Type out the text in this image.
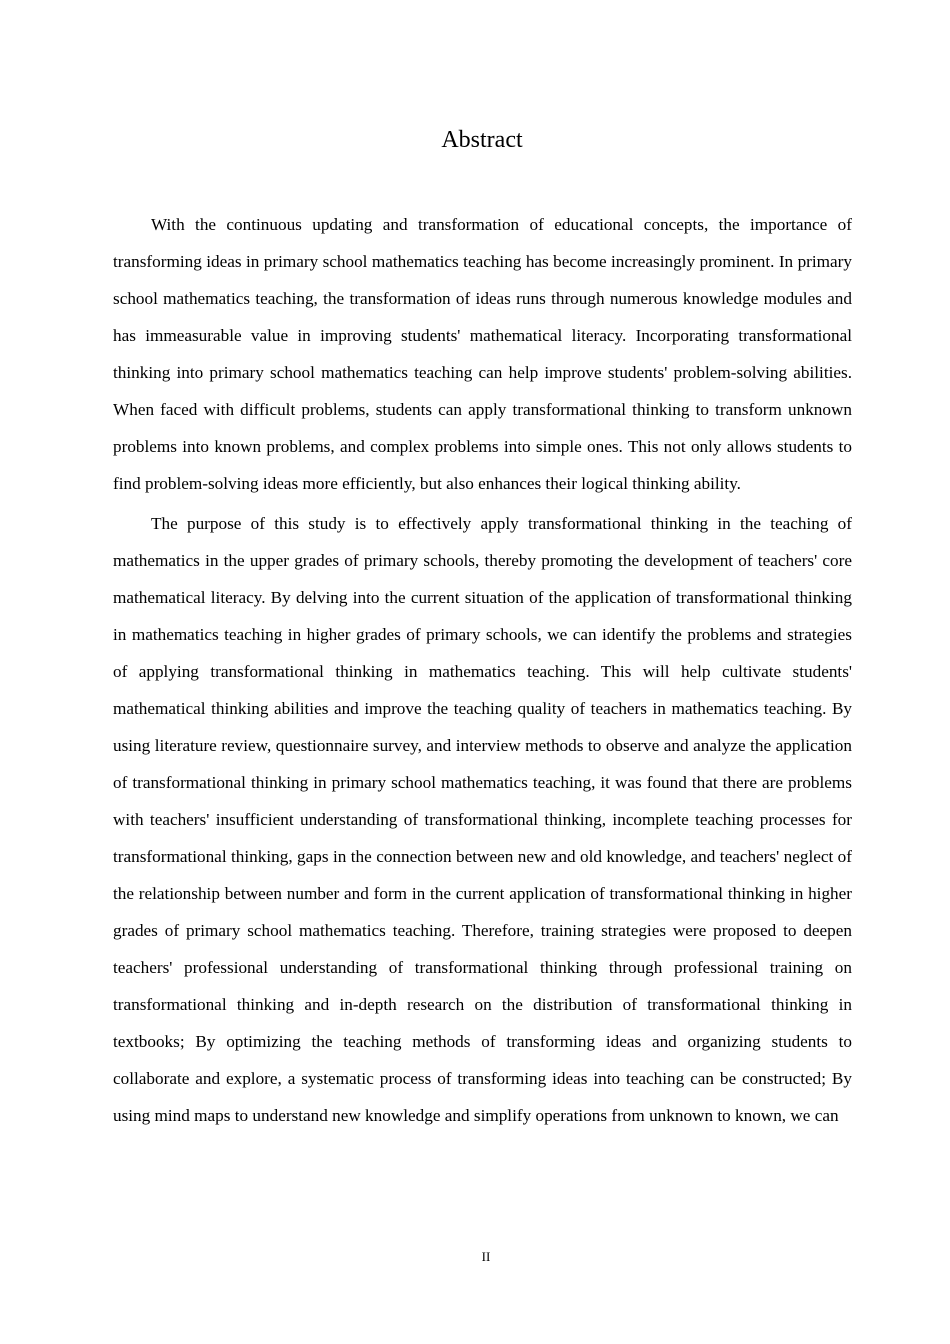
Abstract

With the continuous updating and transformation of educational concepts, the importance of transforming ideas in primary school mathematics teaching has become increasingly prominent. In primary school mathematics teaching, the transformation of ideas runs through numerous knowledge modules and has immeasurable value in improving students' mathematical literacy. Incorporating transformational thinking into primary school mathematics teaching can help improve students' problem-solving abilities. When faced with difficult problems, students can apply transformational thinking to transform unknown problems into known problems, and complex problems into simple ones. This not only allows students to find problem-solving ideas more efficiently, but also enhances their logical thinking ability.

The purpose of this study is to effectively apply transformational thinking in the teaching of mathematics in the upper grades of primary schools, thereby promoting the development of teachers' core mathematical literacy. By delving into the current situation of the application of transformational thinking in mathematics teaching in higher grades of primary schools, we can identify the problems and strategies of applying transformational thinking in mathematics teaching. This will help cultivate students' mathematical thinking abilities and improve the teaching quality of teachers in mathematics teaching. By using literature review, questionnaire survey, and interview methods to observe and analyze the application of transformational thinking in primary school mathematics teaching, it was found that there are problems with teachers' insufficient understanding of transformational thinking, incomplete teaching processes for transformational thinking, gaps in the connection between new and old knowledge, and teachers' neglect of the relationship between number and form in the current application of transformational thinking in higher grades of primary school mathematics teaching. Therefore, training strategies were proposed to deepen teachers' professional understanding of transformational thinking through professional training on transformational thinking and in-depth research on the distribution of transformational thinking in textbooks; By optimizing the teaching methods of transforming ideas and organizing students to collaborate and explore, a systematic process of transforming ideas into teaching can be constructed; By using mind maps to understand new knowledge and simplify operations from unknown to known, we can

II
